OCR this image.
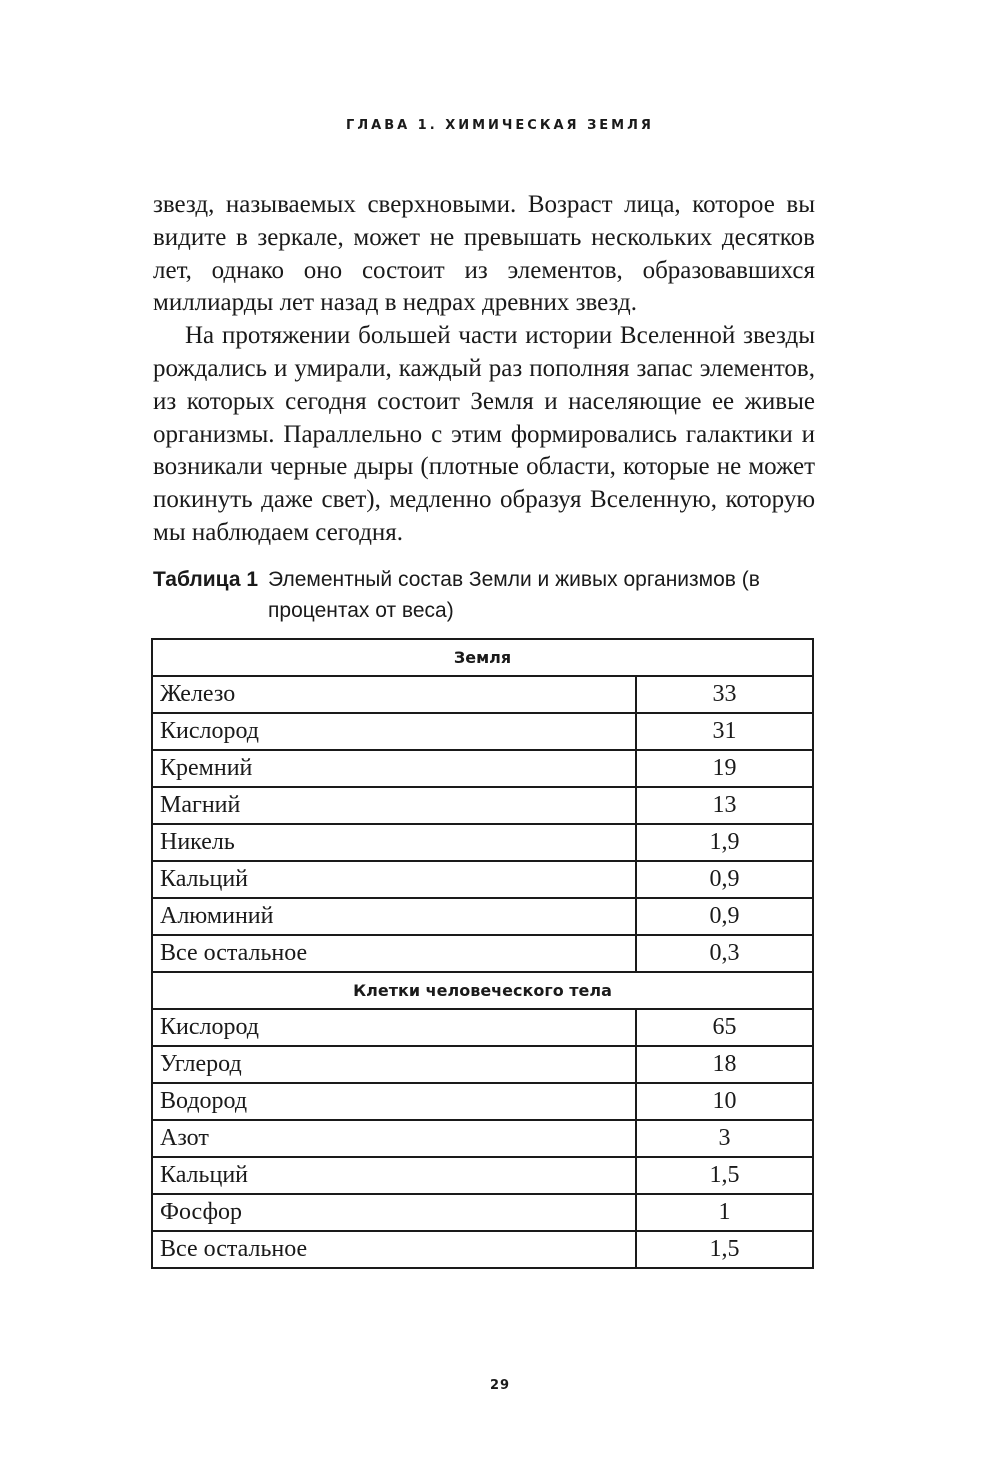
ГЛАВА 1. ХИМИЧЕСКАЯ ЗЕМЛЯ

звезд, называемых сверхновыми. Возраст лица, которое вы видите в зеркале, может не превышать нескольких десятков лет, однако оно состоит из элементов, образовавшихся миллиарды лет назад в недрах древних звезд.

На протяжении большей части истории Вселенной звезды рождались и умирали, каждый раз пополняя запас элементов, из которых сегодня состоит Земля и населяющие ее живые организмы. Параллельно с этим формировались галактики и возникали черные дыры (плотные области, которые не может покинуть даже свет), медленно образуя Вселенную, которую мы наблюдаем сегодня.

Таблица 1 Элементный состав Земли и живых организмов (в процентах от веса)
Земля	
Железо	33
Кислород	31
Кремний	19
Магний	13
Никель	1,9
Кальций	0,9
Алюминий	0,9
Все остальное	0,3
Клетки человеческого тела	
Кислород	65
Углерод	18
Водород	10
Азот	3
Кальций	1,5
Фосфор	1
Все остальное	1,5
29
